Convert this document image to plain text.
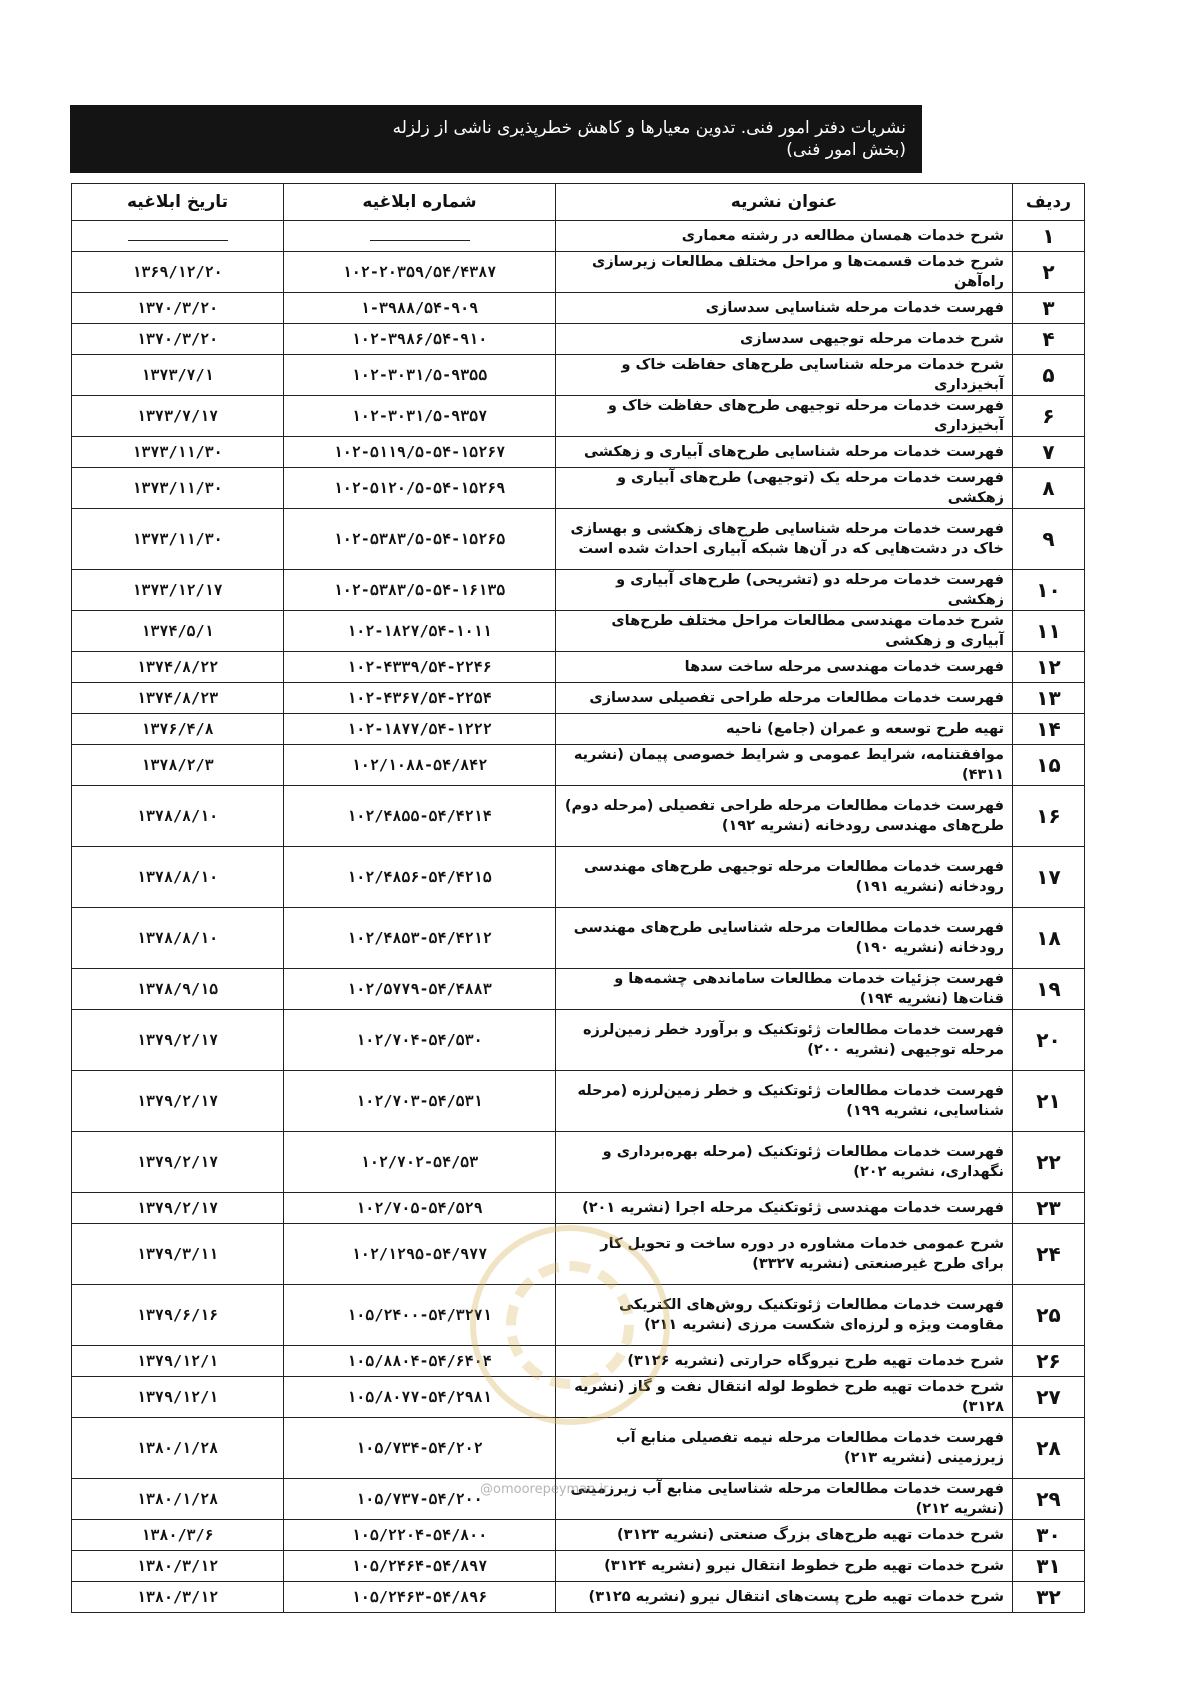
نشریات دفتر امور فنی. تدوین معیارها و کاهش خطرپذیری ناشی از زلزله (بخش امور فنی)
ردیف	عنوان نشریه	شماره ابلاغیه	تاریخ ابلاغیه
۱	شرح خدمات همسان مطالعه در رشته معماری		
۲	شرح خدمات قسمت‌ها و مراحل مختلف مطالعات زیرسازی راه‌آهن	۱۰۲-۲۰۳۵۹/۵۴/۴۳۸۷	۱۳۶۹/۱۲/۲۰
۳	فهرست خدمات مرحله شناسایی سدسازی	۱-۳۹۸۸/۵۴-۹۰۹	۱۳۷۰/۳/۲۰
۴	شرح خدمات مرحله توجیهی سدسازی	۱۰۲-۳۹۸۶/۵۴-۹۱۰	۱۳۷۰/۳/۲۰
۵	شرح خدمات مرحله شناسایی طرح‌های حفاظت خاک و آبخیزداری	۱۰۲-۳۰۳۱/۵-۹۳۵۵	۱۳۷۳/۷/۱
۶	فهرست خدمات مرحله توجیهی طرح‌های حفاظت خاک و آبخیزداری	۱۰۲-۳۰۳۱/۵-۹۳۵۷	۱۳۷۳/۷/۱۷
۷	فهرست خدمات مرحله شناسایی طرح‌های آبیاری و زهکشی	۱۰۲-۵۱۱۹/۵-۵۴-۱۵۲۶۷	۱۳۷۳/۱۱/۳۰
۸	فهرست خدمات مرحله یک (توجیهی) طرح‌های آبیاری و زهکشی	۱۰۲-۵۱۲۰/۵-۵۴-۱۵۲۶۹	۱۳۷۳/۱۱/۳۰
۹	فهرست خدمات مرحله شناسایی طرح‌های زهکشی و بهسازی خاک در دشت‌هایی که در آن‌ها شبکه آبیاری احداث شده است	۱۰۲-۵۳۸۳/۵-۵۴-۱۵۲۶۵	۱۳۷۳/۱۱/۳۰
۱۰	فهرست خدمات مرحله دو (تشریحی) طرح‌های آبیاری و زهکشی	۱۰۲-۵۳۸۳/۵-۵۴-۱۶۱۳۵	۱۳۷۳/۱۲/۱۷
۱۱	شرح خدمات مهندسی مطالعات مراحل مختلف طرح‌های آبیاری و زهکشی	۱۰۲-۱۸۲۷/۵۴-۱۰۱۱	۱۳۷۴/۵/۱
۱۲	فهرست خدمات مهندسی مرحله ساخت سدها	۱۰۲-۴۳۳۹/۵۴-۲۲۴۶	۱۳۷۴/۸/۲۲
۱۳	فهرست خدمات مطالعات مرحله طراحی تفصیلی سدسازی	۱۰۲-۴۳۶۷/۵۴-۲۲۵۴	۱۳۷۴/۸/۲۳
۱۴	تهیه طرح توسعه و عمران (جامع) ناحیه	۱۰۲-۱۸۷۷/۵۴-۱۲۲۲	۱۳۷۶/۴/۸
۱۵	موافقتنامه، شرایط عمومی و شرایط خصوصی پیمان (نشریه ۴۳۱۱)	۱۰۲/۱۰۸۸-۵۴/۸۴۲	۱۳۷۸/۲/۳
۱۶	فهرست خدمات مطالعات مرحله طراحی تفصیلی (مرحله دوم) طرح‌های مهندسی رودخانه (نشریه ۱۹۲)	۱۰۲/۴۸۵۵-۵۴/۴۲۱۴	۱۳۷۸/۸/۱۰
۱۷	فهرست خدمات مطالعات مرحله توجیهی طرح‌های مهندسی رودخانه (نشریه ۱۹۱)	۱۰۲/۴۸۵۶-۵۴/۴۲۱۵	۱۳۷۸/۸/۱۰
۱۸	فهرست خدمات مطالعات مرحله شناسایی طرح‌های مهندسی رودخانه (نشریه ۱۹۰)	۱۰۲/۴۸۵۳-۵۴/۴۲۱۲	۱۳۷۸/۸/۱۰
۱۹	فهرست جزئیات خدمات مطالعات ساماندهی چشمه‌ها و قنات‌ها (نشریه ۱۹۴)	۱۰۲/۵۷۷۹-۵۴/۴۸۸۳	۱۳۷۸/۹/۱۵
۲۰	فهرست خدمات مطالعات ژئوتکنیک و برآورد خطر زمین‌لرزه مرحله توجیهی (نشریه ۲۰۰)	۱۰۲/۷۰۴-۵۴/۵۳۰	۱۳۷۹/۲/۱۷
۲۱	فهرست خدمات مطالعات ژئوتکنیک و خطر زمین‌لرزه (مرحله شناسایی، نشریه ۱۹۹)	۱۰۲/۷۰۳-۵۴/۵۳۱	۱۳۷۹/۲/۱۷
۲۲	فهرست خدمات مطالعات ژئوتکنیک (مرحله بهره‌برداری و نگهداری، نشریه ۲۰۲)	۱۰۲/۷۰۲-۵۴/۵۳	۱۳۷۹/۲/۱۷
۲۳	فهرست خدمات مهندسی ژئوتکنیک مرحله اجرا (نشریه ۲۰۱)	۱۰۲/۷۰۵-۵۴/۵۲۹	۱۳۷۹/۲/۱۷
۲۴	شرح عمومی خدمات مشاوره در دوره ساخت و تحویل کار برای طرح غیرصنعتی (نشریه ۳۳۲۷)	۱۰۲/۱۲۹۵-۵۴/۹۷۷	۱۳۷۹/۳/۱۱
۲۵	فهرست خدمات مطالعات ژئوتکنیک روش‌های الکتریکی مقاومت ویژه و لرزه‌ای شکست مرزی (نشریه ۲۱۱)	۱۰۵/۲۴۰۰-۵۴/۳۲۷۱	۱۳۷۹/۶/۱۶
۲۶	شرح خدمات تهیه طرح نیروگاه حرارتی (نشریه ۳۱۲۶)	۱۰۵/۸۸۰۴-۵۴/۶۴۰۴	۱۳۷۹/۱۲/۱
۲۷	شرح خدمات تهیه طرح خطوط لوله انتقال نفت و گاز (نشریه ۳۱۲۸)	۱۰۵/۸۰۷۷-۵۴/۲۹۸۱	۱۳۷۹/۱۲/۱
۲۸	فهرست خدمات مطالعات مرحله نیمه تفصیلی منابع آب زیرزمینی (نشریه ۲۱۳)	۱۰۵/۷۳۴-۵۴/۲۰۲	۱۳۸۰/۱/۲۸
۲۹	فهرست خدمات مطالعات مرحله شناسایی منابع آب زیرزمینی (نشریه ۲۱۲)	۱۰۵/۷۳۷-۵۴/۲۰۰	۱۳۸۰/۱/۲۸
۳۰	شرح خدمات تهیه طرح‌های بزرگ صنعتی (نشریه ۳۱۲۳)	۱۰۵/۲۲۰۴-۵۴/۸۰۰	۱۳۸۰/۳/۶
۳۱	شرح خدمات تهیه طرح خطوط انتقال نیرو (نشریه ۳۱۲۴)	۱۰۵/۲۴۶۴-۵۴/۸۹۷	۱۳۸۰/۳/۱۲
۳۲	شرح خدمات تهیه طرح پست‌های انتقال نیرو (نشریه ۳۱۲۵)	۱۰۵/۲۴۶۳-۵۴/۸۹۶	۱۳۸۰/۳/۱۲
@omoorepeyman.ir
